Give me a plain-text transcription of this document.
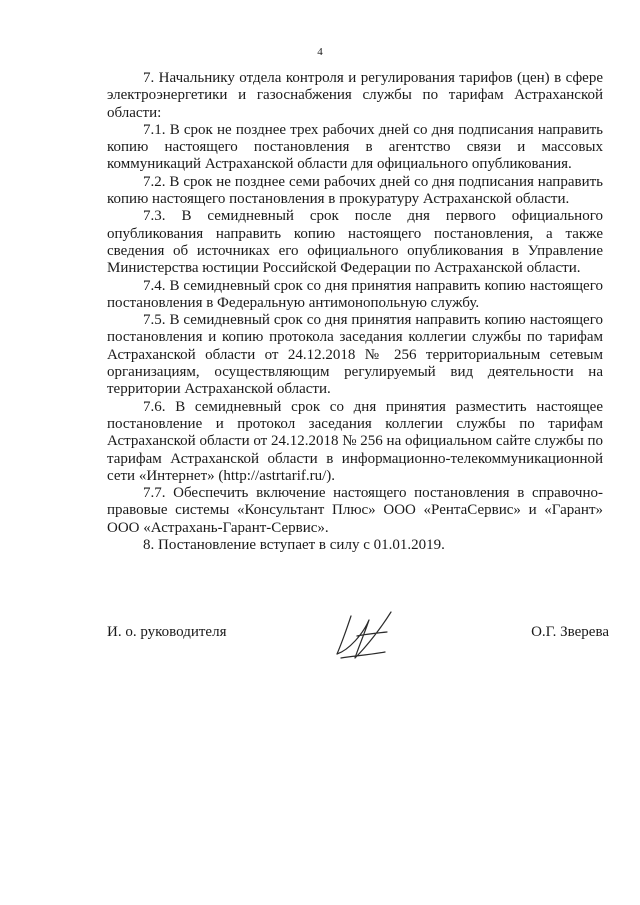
4

7. Начальнику отдела контроля и регулирования тарифов (цен) в сфере электроэнергетики и газоснабжения службы по тарифам Астраханской области:

7.1. В срок не позднее трех рабочих дней со дня подписания направить копию настоящего постановления в агентство связи и массовых коммуникаций Астраханской области для официального опубликования.

7.2. В срок не позднее семи рабочих дней со дня подписания направить копию настоящего постановления в прокуратуру Астраханской области.

7.3. В семидневный срок после дня первого официального опубликования направить копию настоящего постановления, а также сведения об источниках его официального опубликования в Управление Министерства юстиции Российской Федерации по Астраханской области.

7.4. В семидневный срок со дня принятия направить копию настоящего постановления в Федеральную антимонопольную службу.

7.5. В семидневный срок со дня принятия направить копию настоящего постановления и копию протокола заседания коллегии службы по тарифам Астраханской области от 24.12.2018 № 256 территориальным сетевым организациям, осуществляющим регулируемый вид деятельности на территории Астраханской области.

7.6. В семидневный срок со дня принятия разместить настоящее постановление и протокол заседания коллегии службы по тарифам Астраханской области от 24.12.2018 № 256 на официальном сайте службы по тарифам Астраханской области в информационно-телекоммуникационной сети «Интернет» (http://astrtarif.ru/).

7.7. Обеспечить включение настоящего постановления в справочно-правовые системы «Консультант Плюс» ООО «РентаСервис» и «Гарант» ООО «Астрахань-Гарант-Сервис».

8. Постановление вступает в силу с 01.01.2019.

И. о. руководителя	О.Г. Зверева
